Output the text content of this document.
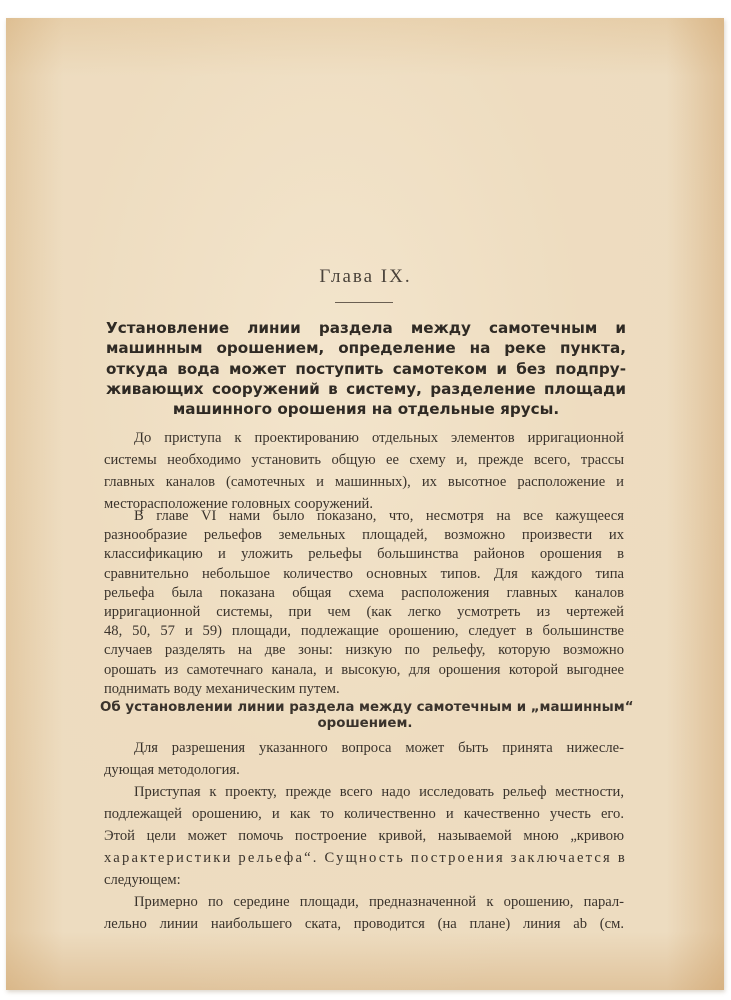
Глава IX.
Установление линии раздела между самотечным и
машинным орошением, определение на реке пункта,
откуда вода может поступить самотеком и без подпру-
живающих сооружений в систему, разделение площади
машинного орошения на отдельные ярусы.
До приступа к проектированию отдельных элементов ирригационной
системы необходимо установить общую ее схему и, прежде всего, трассы
главных каналов (самотечных и машинных), их высотное расположение и
месторасположение головных сооружений.
В главе VI нами было показано, что, несмотря на все кажущееся
разнообразие рельефов земельных площадей, возможно произвести их
классификацию и уложить рельефы большинства районов орошения в
сравнительно небольшое количество основных типов. Для каждого типа
рельефа была показана общая схема расположения главных каналов
ирригационной системы, при чем (как легко усмотреть из чертежей
48, 50, 57 и 59) площади, подлежащие орошению, следует в большинстве
случаев разделять на две зоны: низкую по рельефу, которую возможно
орошать из самотечнаго канала, и высокую, для орошения которой выгоднее
поднимать воду механическим путем.
Об установлении линии раздела между самотечным и „машинным“
орошением.
Для разрешения указанного вопроса может быть принята нижесле-
дующая методология.
Приступая к проекту, прежде всего надо исследовать рельеф местности,
подлежащей орошению, и как то количественно и качественно учесть его.
Этой цели может помочь построение кривой, называемой мною „кривою
характеристики рельефа“. Сущность построения заключается в
следующем:
Примерно по середине площади, предназначенной к орошению, парал-
лельно линии наибольшего ската, проводится (на плане) линия ab (см.
